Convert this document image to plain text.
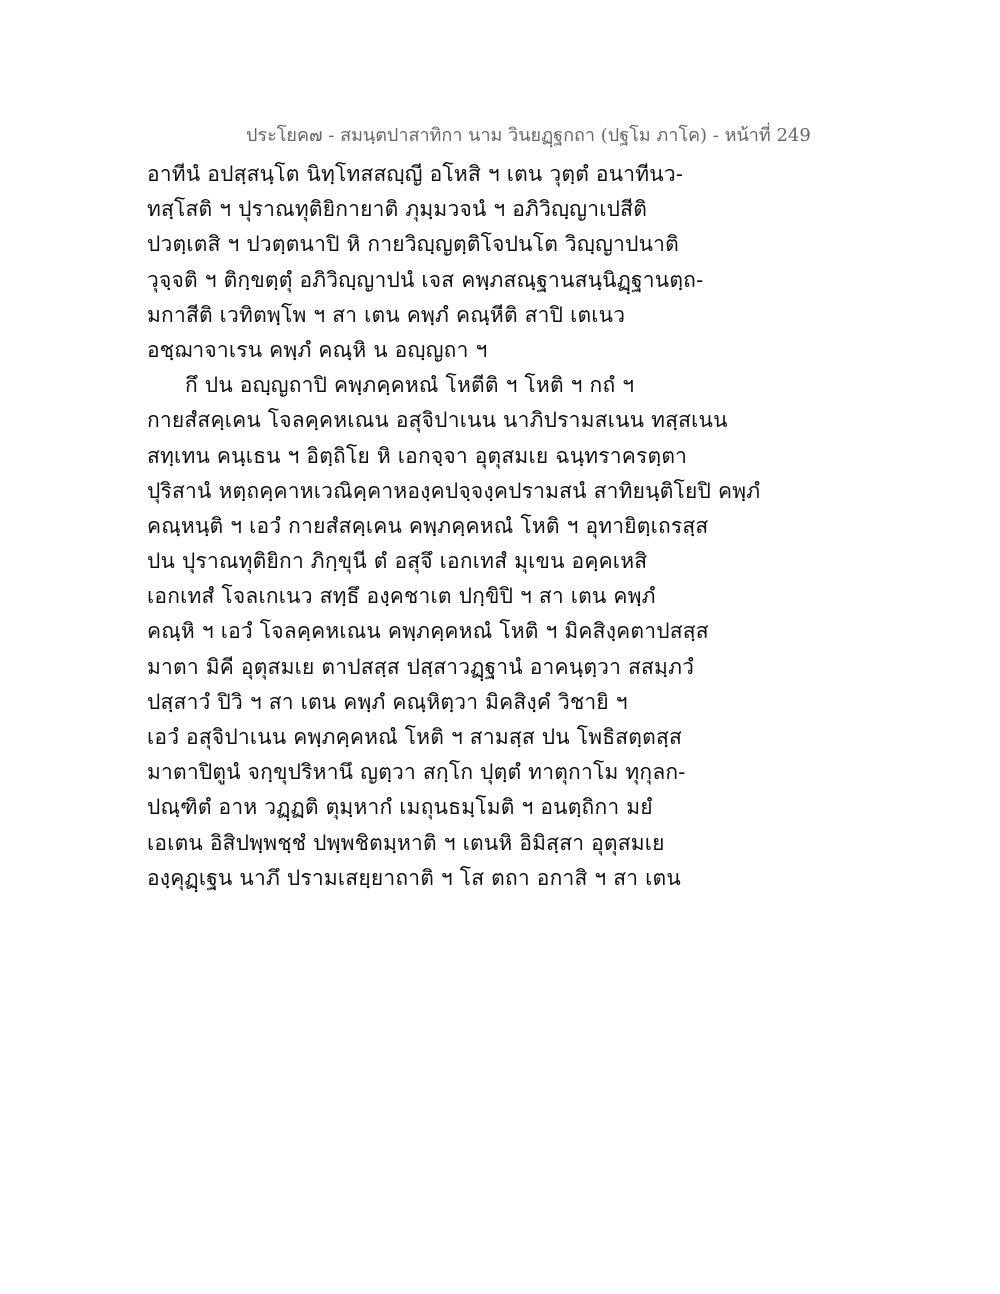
ประโยค๗ - สมนฺตปาสาทิกา นาม วินยฏฺฐกถา (ปฐโม ภาโค) - หน้าที่ 249
อาทีนํ อปสฺสนฺโต นิทฺโทสสญฺญี อโหสิ ฯ เตน วุตฺตํ อนาทีนว-
ทสฺโสติ ฯ ปุราณทุติยิกายาติ ภุมฺมวจนํ ฯ อภิวิญฺญาเปสีติ
ปวตฺเตสิ ฯ ปวตฺตนาปิ หิ กายวิญฺญตฺติโจปนโต วิญฺญาปนาติ
วุจฺจติ ฯ ติกฺขตฺตุํ อภิวิญฺญาปนํ เจส คพฺภสณฺฐานสนฺนิฏฺฐานตฺถ-
มกาสีติ เวทิตพฺโพ ฯ สา เตน คพฺภํ คณฺหีติ สาปิ เตเนว
อชฺฌาจาเรน คพฺภํ คณฺหิ น อญฺญถา ฯ
กึ ปน อญฺญถาปิ คพฺภคฺคหณํ โหตีติ ฯ โหติ ฯ กถํ ฯ
กายสํสคฺเคน โจลคฺคหเณน อสุจิปาเนน นาภิปรามสเนน ทสฺสเนน
สทฺเทน คนฺเธน ฯ อิตฺถิโย หิ เอกจฺจา อุตุสมเย ฉนฺทราครตฺตา
ปุริสานํ หตฺถคฺคาหเวณิคฺคาหองฺคปจฺจงฺคปรามสนํ สาทิยนฺติโยปิ คพฺภํ
คณฺหนฺติ ฯ เอวํ กายสํสคฺเคน คพฺภคฺคหณํ โหติ ฯ อุทายิตฺเถรสฺส
ปน ปุราณทุติยิกา ภิกฺขุนี ตํ อสุจึ เอกเทสํ มุเขน อคฺคเหสิ
เอกเทสํ โจลเกเนว สทฺธึ องฺคชาเต ปกฺขิปิ ฯ สา เตน คพฺภํ
คณฺหิ ฯ เอวํ โจลคฺคหเณน คพฺภคฺคหณํ โหติ ฯ มิคสิงฺคตาปสสฺส
มาตา มิคี อุตุสมเย ตาปสสฺส ปสฺสาวฏฺฐานํ อาคนฺตฺวา สสมฺภวํ
ปสฺสาวํ ปิวิ ฯ สา เตน คพฺภํ คณฺหิตฺวา มิคสิงฺคํ วิชายิ ฯ
เอวํ อสุจิปาเนน คพฺภคฺคหณํ โหติ ฯ สามสฺส ปน โพธิสตฺตสฺส
มาตาปิตูนํ จกฺขุปริหานึ ญตฺวา สกฺโก ปุตฺตํ ทาตุกาโม ทุกุลก-
ปณฺฑิตํ อาห วฏฺฏติ ตุมฺหากํ เมถุนธมฺโมติ ฯ อนตฺถิกา มยํ
เอเตน อิสิปพฺพชฺชํ ปพฺพชิตมฺหาติ ฯ เตนหิ อิมิสฺสา อุตุสมเย
องฺคุฏฺเฐน นาภึ ปรามเสยฺยาถาติ ฯ โส ตถา อกาสิ ฯ สา เตน
